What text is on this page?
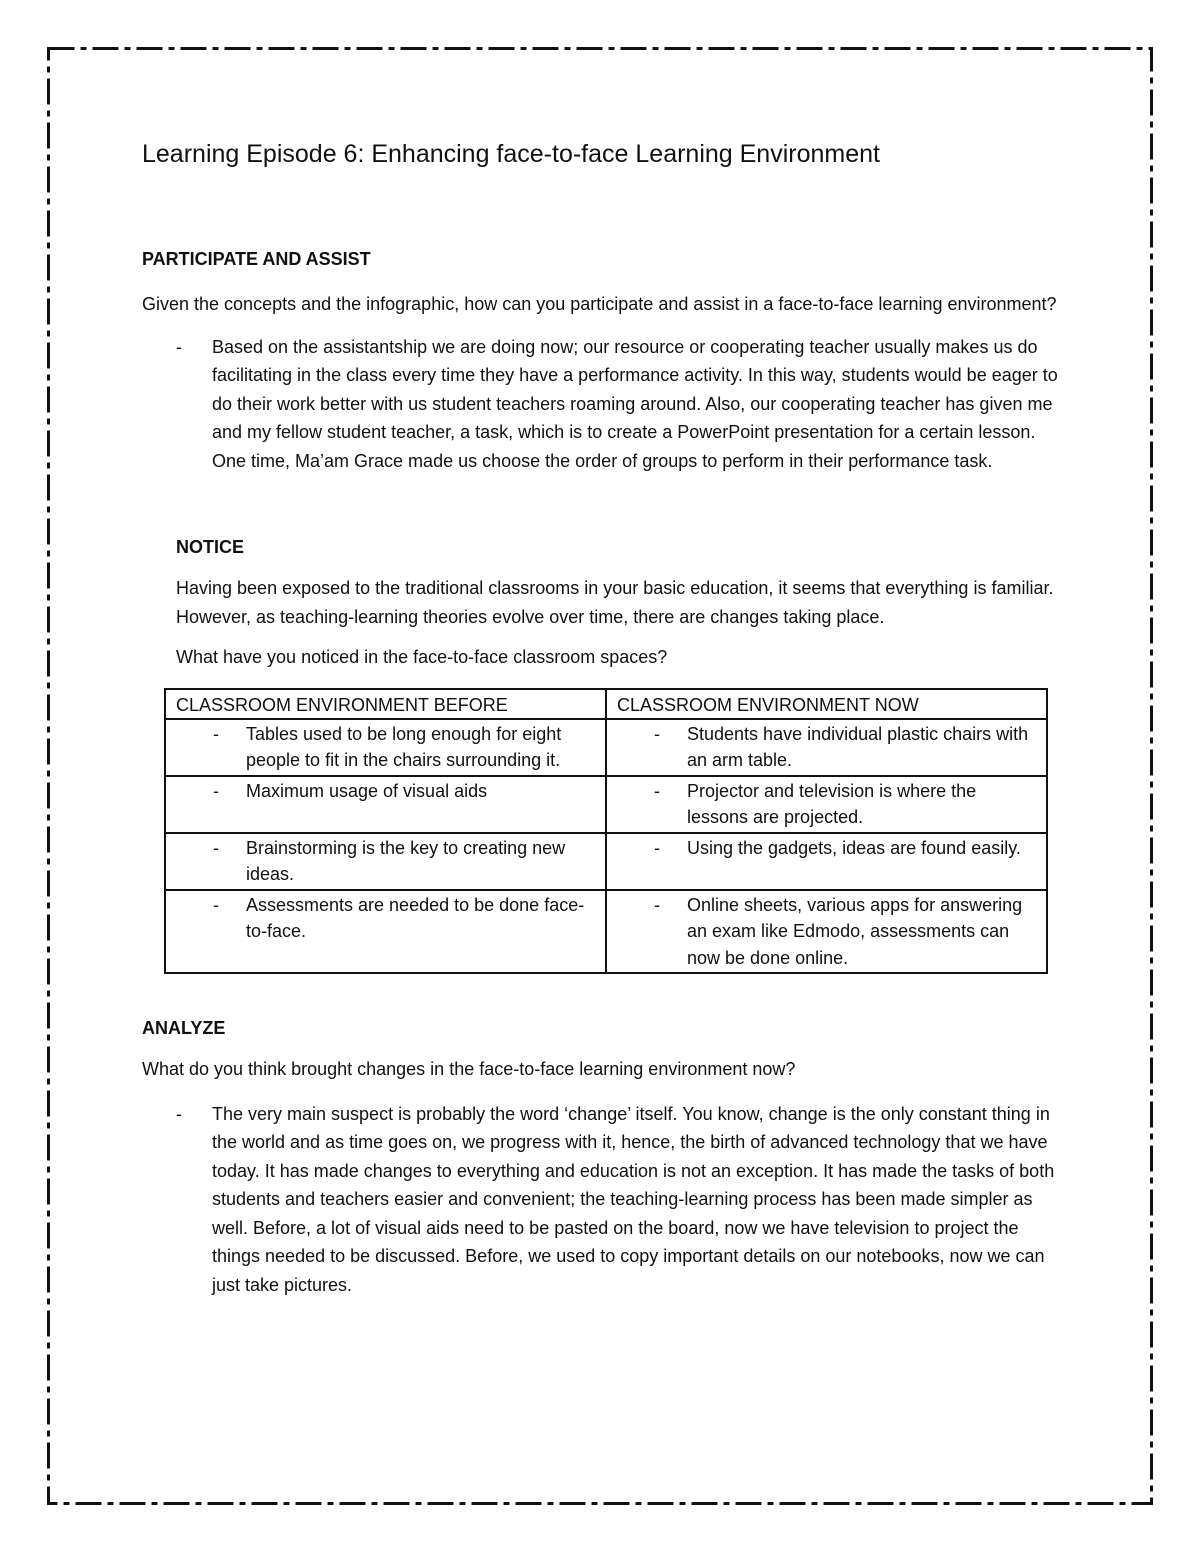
Learning Episode 6: Enhancing face-to-face Learning Environment
PARTICIPATE AND ASSIST

Given the concepts and the infographic, how can you participate and assist in a face-to-face learning environment?

- Based on the assistantship we are doing now; our resource or cooperating teacher usually makes us do facilitating in the class every time they have a performance activity. In this way, students would be eager to do their work better with us student teachers roaming around. Also, our cooperating teacher has given me and my fellow student teacher, a task, which is to create a PowerPoint presentation for a certain lesson. One time, Ma’am Grace made us choose the order of groups to perform in their performance task.

NOTICE

Having been exposed to the traditional classrooms in your basic education, it seems that everything is familiar. However, as teaching-learning theories evolve over time, there are changes taking place.

What have you noticed in the face-to-face classroom spaces?

CLASSROOM ENVIRONMENT BEFORE	CLASSROOM ENVIRONMENT NOW

- Tables used to be long enough for eight people to fit in the chairs surrounding it.	- Students have individual plastic chairs with an arm table.

- Maximum usage of visual aids	- Projector and television is where the lessons are projected.

- Brainstorming is the key to creating new ideas.	- Using the gadgets, ideas are found easily.

- Assessments are needed to be done face-to-face.	- Online sheets, various apps for answering an exam like Edmodo, assessments can now be done online.
ANALYZE

What do you think brought changes in the face-to-face learning environment now?

- The very main suspect is probably the word ‘change’ itself. You know, change is the only constant thing in the world and as time goes on, we progress with it, hence, the birth of advanced technology that we have today. It has made changes to everything and education is not an exception. It has made the tasks of both students and teachers easier and convenient; the teaching-learning process has been made simpler as well. Before, a lot of visual aids need to be pasted on the board, now we have television to project the things needed to be discussed. Before, we used to copy important details on our notebooks, now we can just take pictures.
